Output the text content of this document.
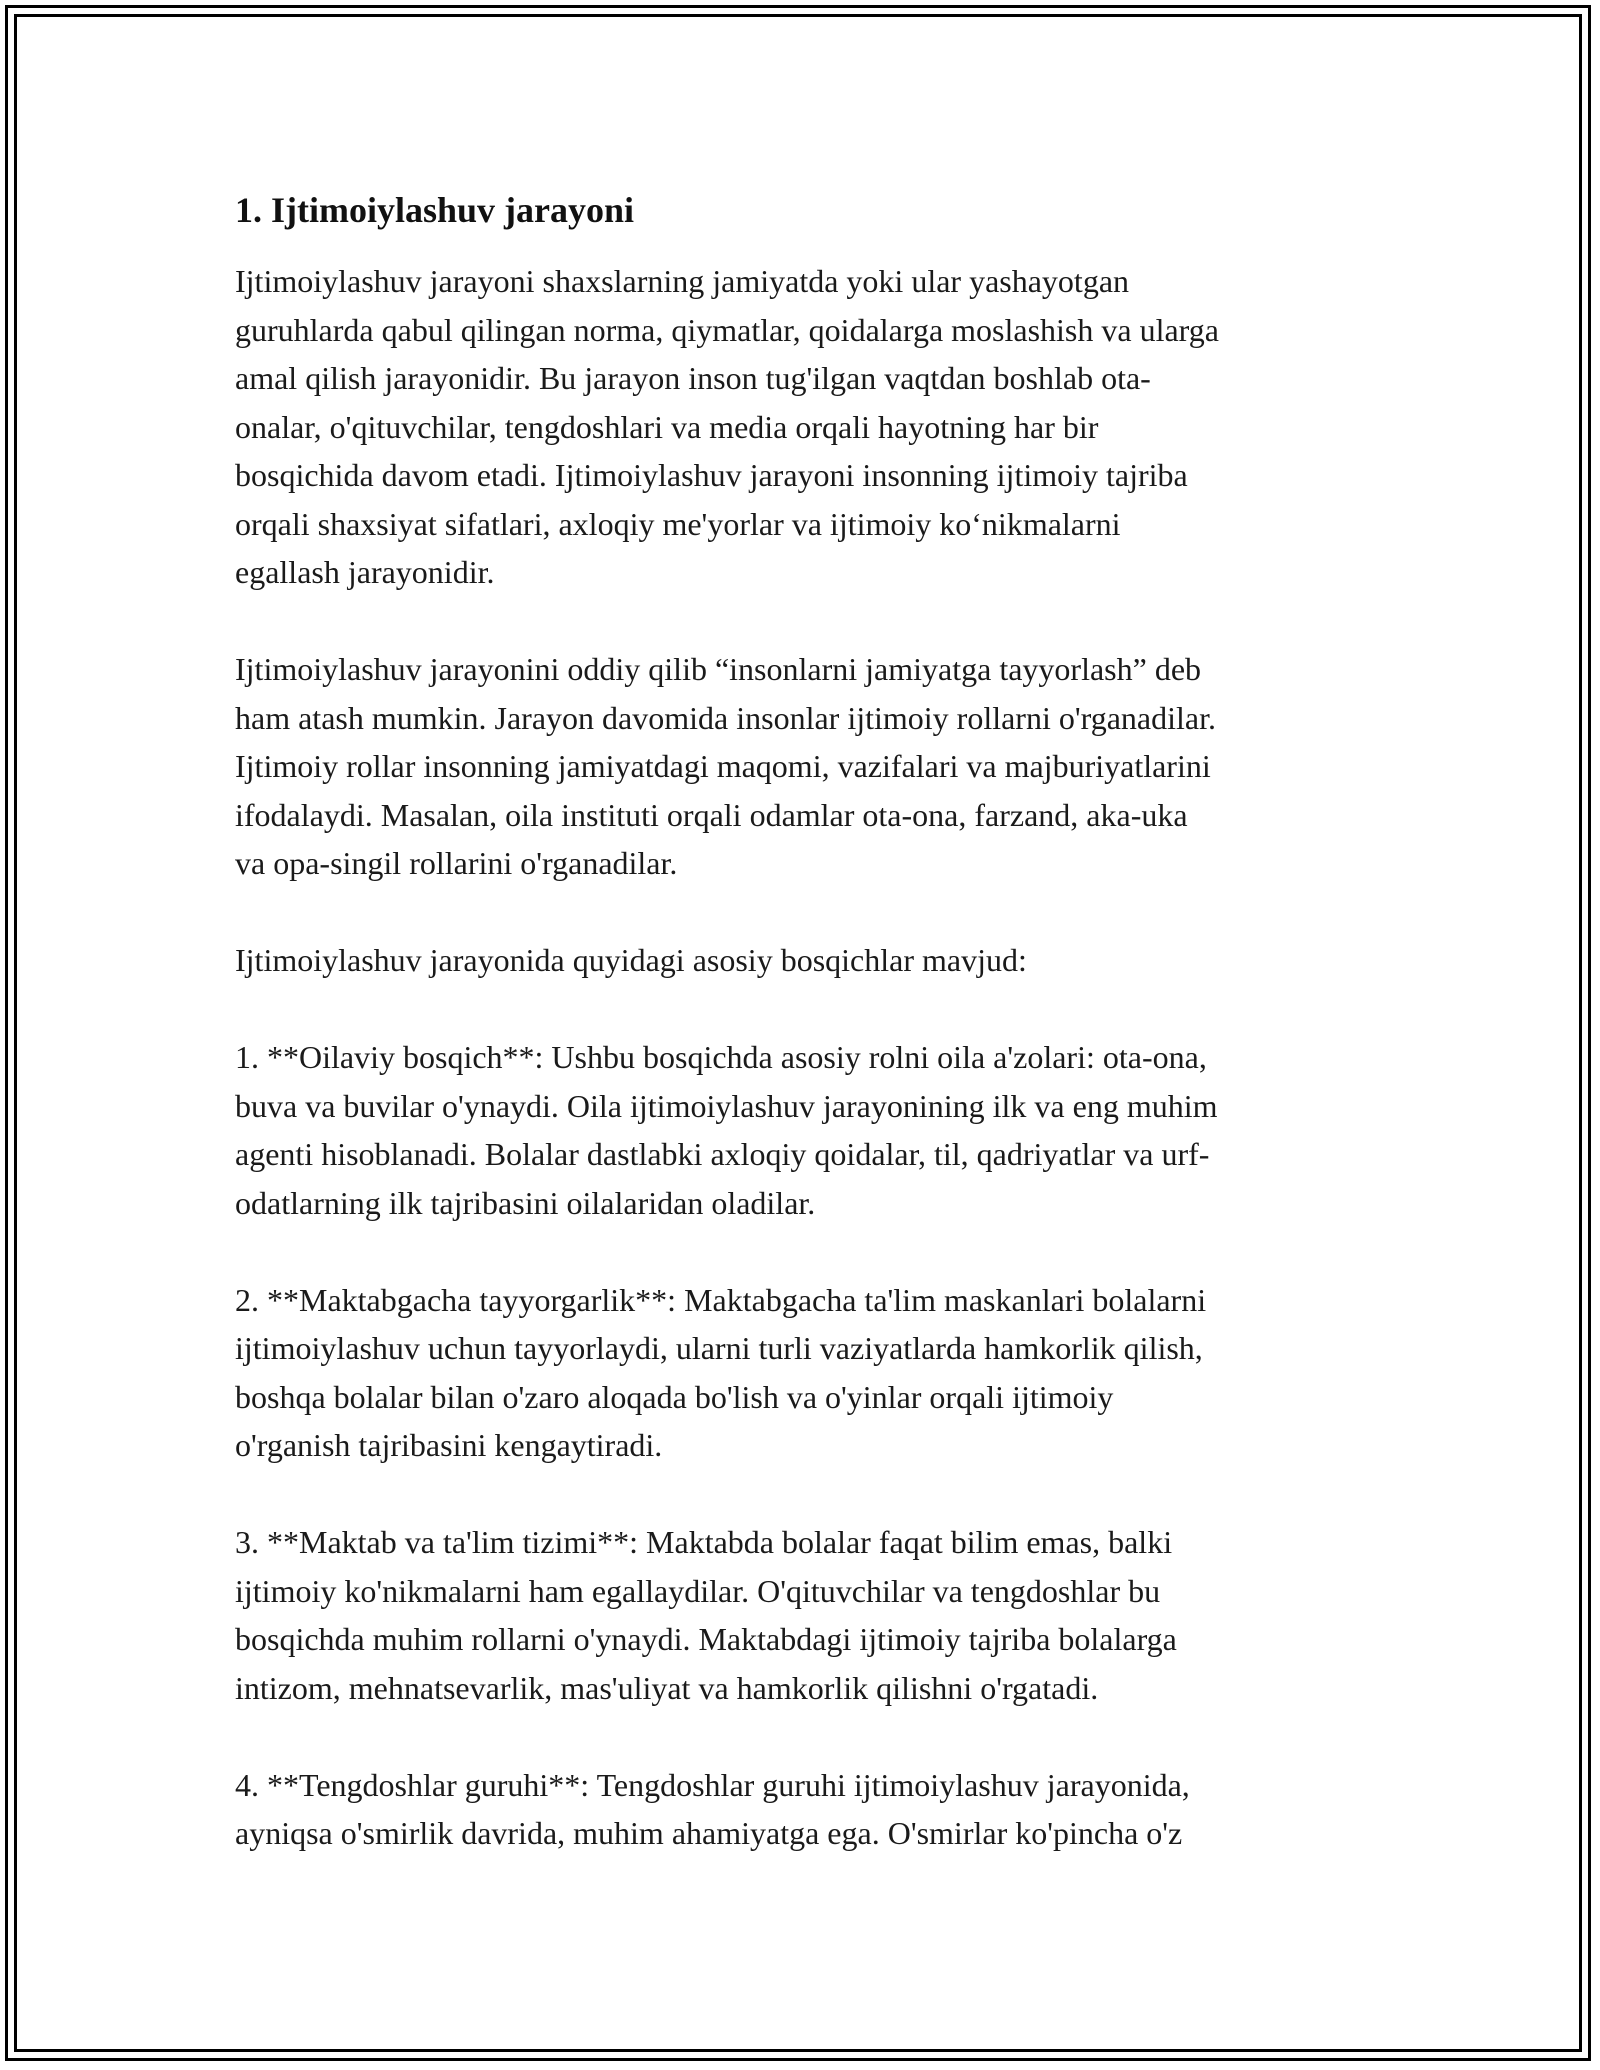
1. Ijtimoiylashuv jarayoni

Ijtimoiylashuv jarayoni shaxslarning jamiyatda yoki ular yashayotgan
guruhlarda qabul qilingan norma, qiymatlar, qoidalarga moslashish va ularga
amal qilish jarayonidir. Bu jarayon inson tug'ilgan vaqtdan boshlab ota-
onalar, o'qituvchilar, tengdoshlari va media orqali hayotning har bir
bosqichida davom etadi. Ijtimoiylashuv jarayoni insonning ijtimoiy tajriba
orqali shaxsiyat sifatlari, axloqiy me'yorlar va ijtimoiy ko‘nikmalarni
egallash jarayonidir.

Ijtimoiylashuv jarayonini oddiy qilib “insonlarni jamiyatga tayyorlash” deb
ham atash mumkin. Jarayon davomida insonlar ijtimoiy rollarni o'rganadilar.
Ijtimoiy rollar insonning jamiyatdagi maqomi, vazifalari va majburiyatlarini
ifodalaydi. Masalan, oila instituti orqali odamlar ota-ona, farzand, aka-uka
va opa-singil rollarini o'rganadilar.

Ijtimoiylashuv jarayonida quyidagi asosiy bosqichlar mavjud:

1. **Oilaviy bosqich**: Ushbu bosqichda asosiy rolni oila a'zolari: ota-ona,
buva va buvilar o'ynaydi. Oila ijtimoiylashuv jarayonining ilk va eng muhim
agenti hisoblanadi. Bolalar dastlabki axloqiy qoidalar, til, qadriyatlar va urf-
odatlarning ilk tajribasini oilalaridan oladilar.

2. **Maktabgacha tayyorgarlik**: Maktabgacha ta'lim maskanlari bolalarni
ijtimoiylashuv uchun tayyorlaydi, ularni turli vaziyatlarda hamkorlik qilish,
boshqa bolalar bilan o'zaro aloqada bo'lish va o'yinlar orqali ijtimoiy
o'rganish tajribasini kengaytiradi.

3. **Maktab va ta'lim tizimi**: Maktabda bolalar faqat bilim emas, balki
ijtimoiy ko'nikmalarni ham egallaydilar. O'qituvchilar va tengdoshlar bu
bosqichda muhim rollarni o'ynaydi. Maktabdagi ijtimoiy tajriba bolalarga
intizom, mehnatsevarlik, mas'uliyat va hamkorlik qilishni o'rgatadi.

4. **Tengdoshlar guruhi**: Tengdoshlar guruhi ijtimoiylashuv jarayonida,
ayniqsa o'smirlik davrida, muhim ahamiyatga ega. O'smirlar ko'pincha o'z
